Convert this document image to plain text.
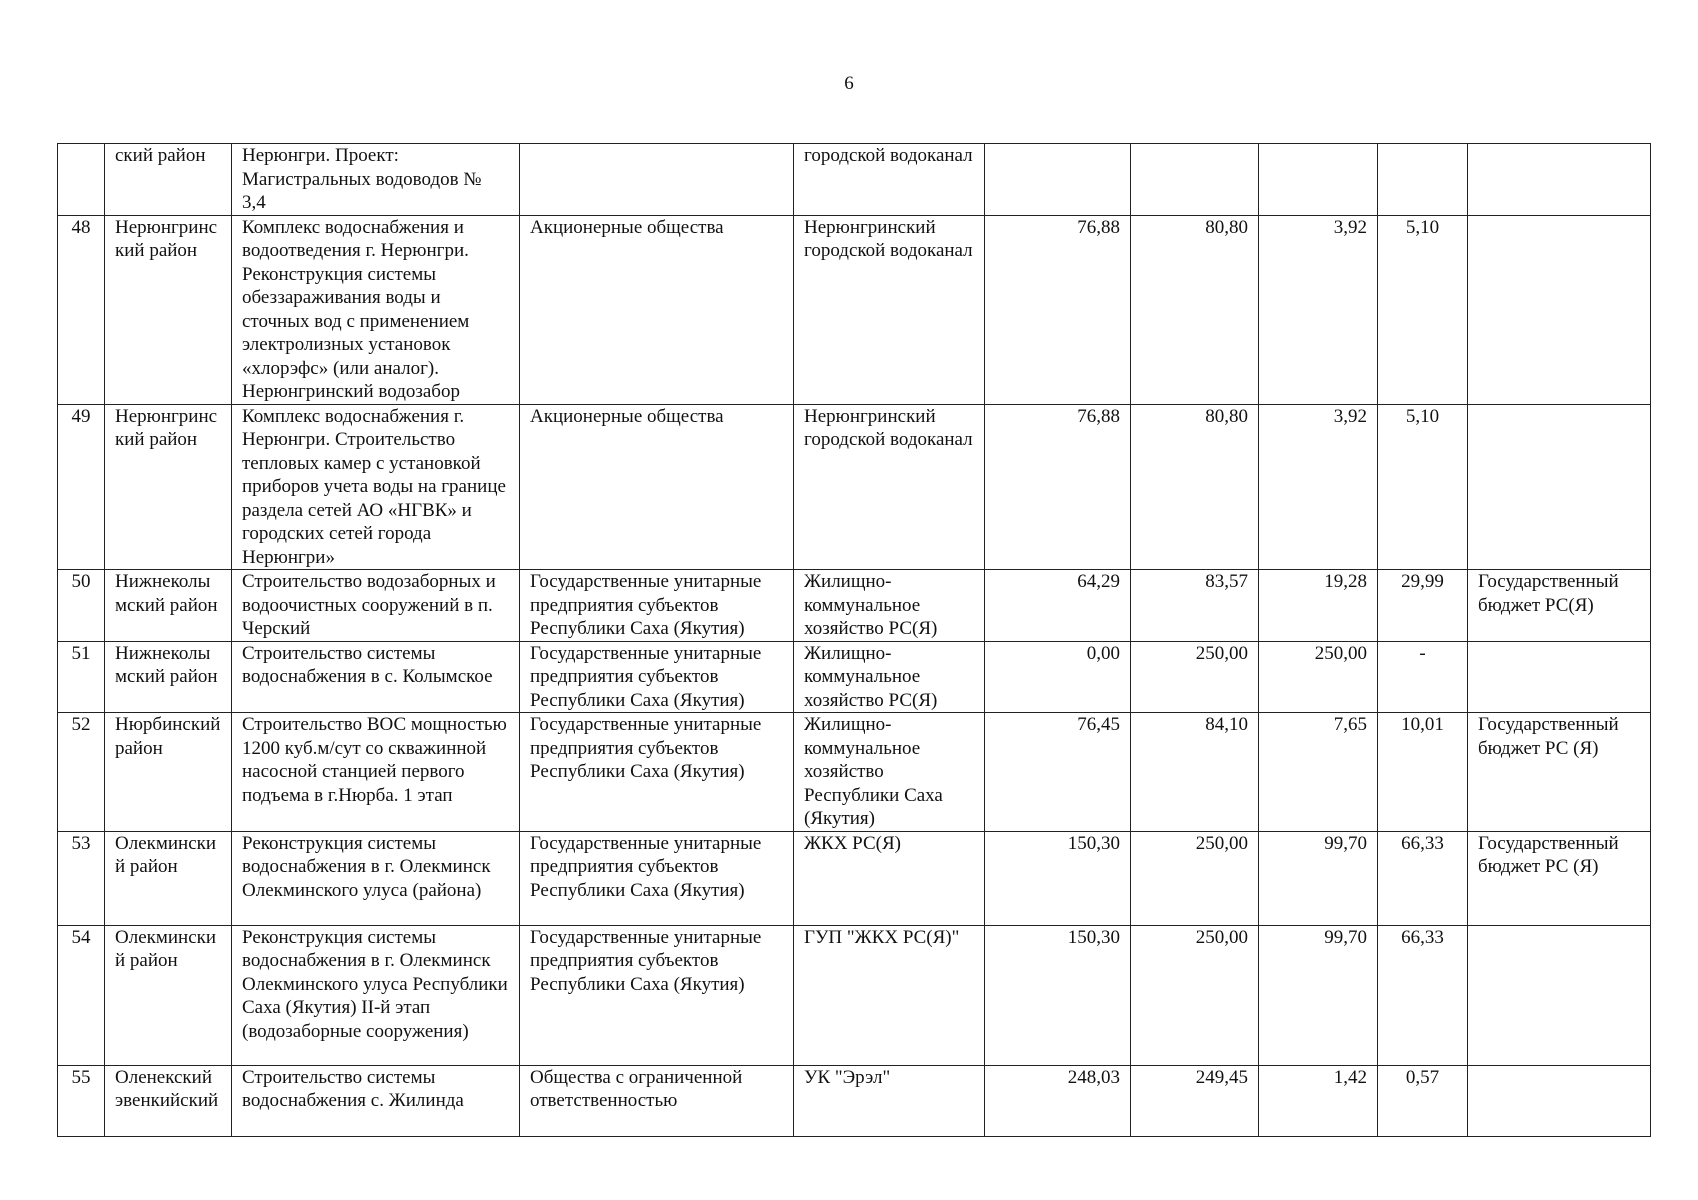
6
	ский район	Нерюнгри. Проект: Магистральных водоводов № 3,4		городской водоканал					
48	Нерюнгринский район	Комплекс водоснабжения и водоотведения г. Нерюнгри. Реконструкция системы обеззараживания воды и сточных вод с применением электролизных установок «хлорэфс» (или аналог). Нерюнгринский водозабор	Акционерные общества	Нерюнгринский городской водоканал	76,88	80,80	3,92	5,10	
49	Нерюнгринский район	Комплекс водоснабжения г. Нерюнгри. Строительство тепловых камер с установкой приборов учета воды на границе раздела сетей АО «НГВК» и городских сетей города Нерюнгри»	Акционерные общества	Нерюнгринский городской водоканал	76,88	80,80	3,92	5,10	
50	Нижнеколымский район	Строительство водозаборных и водоочистных сооружений в п. Черский	Государственные унитарные предприятия субъектов Республики Саха (Якутия)	Жилищно-коммунальное хозяйство РС(Я)	64,29	83,57	19,28	29,99	Государственный бюджет РС(Я)
51	Нижнеколымский район	Строительство системы водоснабжения в с. Колымское	Государственные унитарные предприятия субъектов Республики Саха (Якутия)	Жилищно-коммунальное хозяйство РС(Я)	0,00	250,00	250,00	-	
52	Нюрбинский район	Строительство ВОС мощностью 1200 куб.м/сут со скважинной насосной станцией первого подъема в г.Нюрба. 1 этап	Государственные унитарные предприятия субъектов Республики Саха (Якутия)	Жилищно-коммунальное хозяйство Республики Саха (Якутия)	76,45	84,10	7,65	10,01	Государственный бюджет РС (Я)
53	Олекминский район	Реконструкция системы водоснабжения в г. Олекминск Олекминского улуса (района)	Государственные унитарные предприятия субъектов Республики Саха (Якутия)	ЖКХ РС(Я)	150,30	250,00	99,70	66,33	Государственный бюджет РС (Я)
54	Олекминский район	Реконструкция системы водоснабжения в г. Олекминск Олекминского улуса Республики Саха (Якутия) II-й этап (водозаборные сооружения)	Государственные унитарные предприятия субъектов Республики Саха (Якутия)	ГУП "ЖКХ РС(Я)"	150,30	250,00	99,70	66,33	
55	Оленекский эвенкийский	Строительство системы водоснабжения с. Жилинда	Общества с ограниченной ответственностью	УК "Эрэл"	248,03	249,45	1,42	0,57	
